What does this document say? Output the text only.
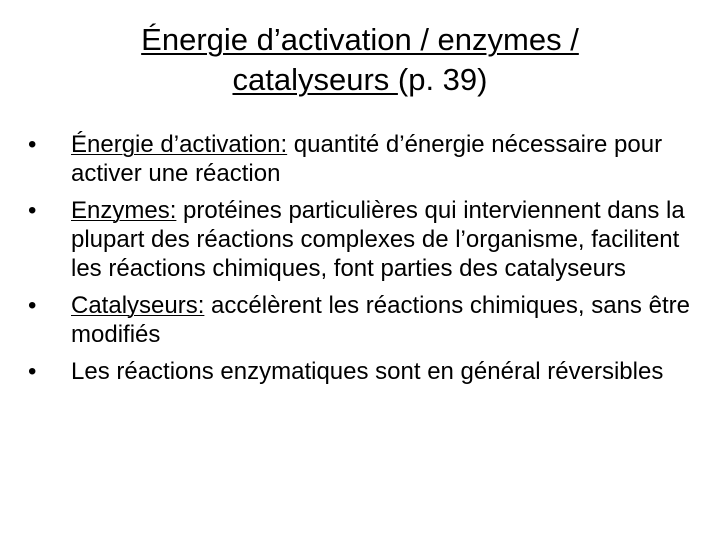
Énergie d’activation / enzymes / catalyseurs (p. 39)
•	Énergie d’activation: quantité d’énergie nécessaire pour activer une réaction
•	Enzymes: protéines particulières qui interviennent dans la plupart des réactions complexes de l’organisme, facilitent les réactions chimiques, font parties des catalyseurs
•	Catalyseurs: accélèrent les réactions chimiques, sans être modifiés
•	Les réactions enzymatiques sont en général réversibles
